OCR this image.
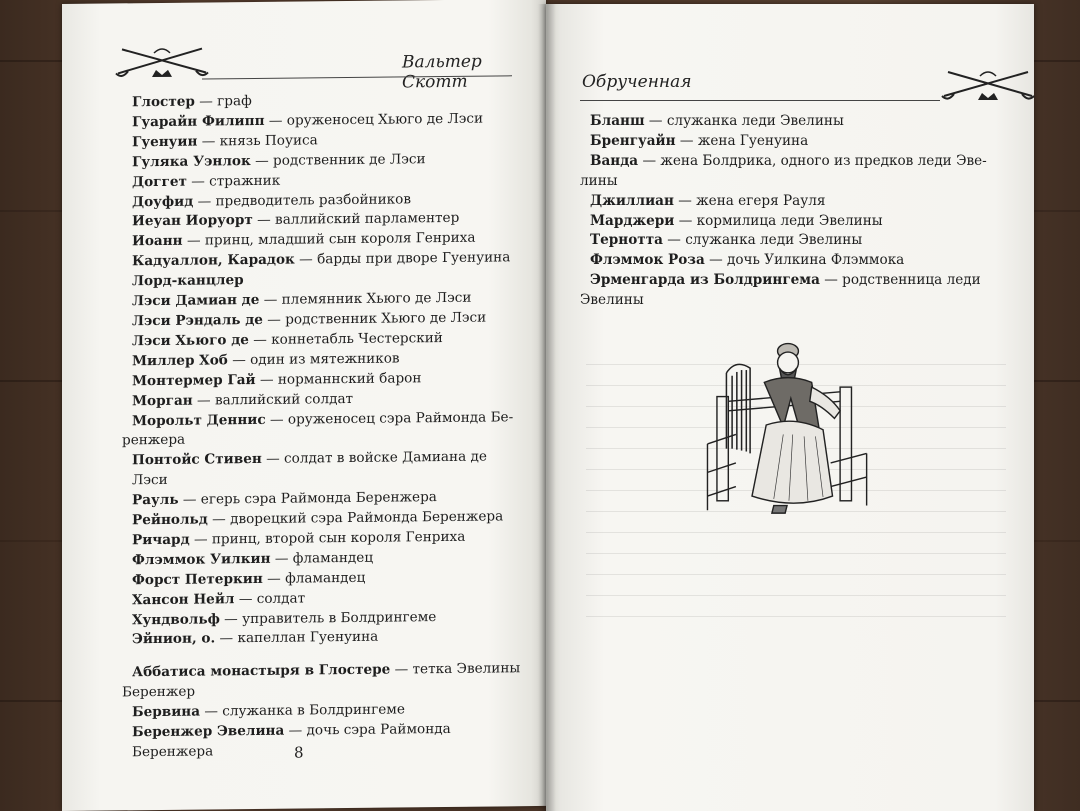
Вальтер Скотт
Глостер — граф
Гуарайн Филипп — оруженосец Хьюго де Лэси
Гуенуин — князь Поуиса
Гуляка Уэнлок — родственник де Лэси
Доггет — стражник
Доуфид — предводитель разбойников
Иеуан Иоруорт — валлийский парламентер
Иоанн — принц, младший сын короля Генриха
Кадуаллон, Карадок — барды при дворе Гуенуина
Лорд-канцлер
Лэси Дамиан де — племянник Хьюго де Лэси
Лэси Рэндаль де — родственник Хьюго де Лэси
Лэси Хьюго де — коннетабль Честерский
Миллер Хоб — один из мятежников
Монтермер Гай — норманнский барон
Морган — валлийский солдат
Морольт Деннис — оруженосец сэра Раймонда Бе-
ренжера
Понтойс Стивен — солдат в войске Дамиана де Лэси
Рауль — егерь сэра Раймонда Беренжера
Рейнольд — дворецкий сэра Раймонда Беренжера
Ричард — принц, второй сын короля Генриха
Флэммок Уилкин — фламандец
Форст Петеркин — фламандец
Хансон Нейл — солдат
Хундвольф — управитель в Болдрингеме
Эйнион, о. — капеллан Гуенуина
Аббатиса монастыря в Глостере — тетка Эвелины
Беренжер
Бервина — служанка в Болдрингеме
Беренжер Эвелина — дочь сэра Раймонда Беренжера	8
Обрученная
Бланш — служанка леди Эвелины
Бренгуайн — жена Гуенуина
Ванда — жена Болдрика, одного из предков леди Эве-
лины
Джиллиан — жена егеря Рауля
Марджери — кормилица леди Эвелины
Тернотта — служанка леди Эвелины
Флэммок Роза — дочь Уилкина Флэммока
Эрменгарда из Болдрингема — родственница леди
Эвелины
